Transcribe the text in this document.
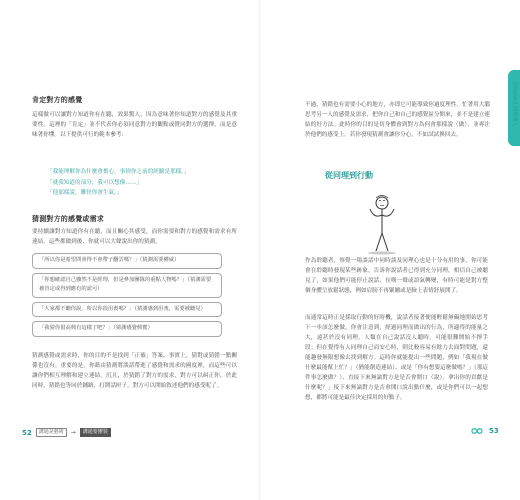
肯定對方的感覺
這樣做可以讓對方知道你有在聽，效果驚人，因為意味著你知道對方的感覺及其重要性。這裡的「肯定」並不代表你必須同意對方的觀點或贊同對方的選擇，而是意味著你懂。以下提供可行的範本參考：
「我能理解你為什麼會擔心，事情你之前的經驗是那樣。」
「就我知道的部分，我可以想像……」
「他那樣說，難怪你會生氣。」
猜測對方的感覺或需求
要持續讓對方知道你有在聽，而且關心其感受，而你需要和對方的感覺和需求有所連結。這些都做到後，你就可以大聲說出你的猜測。
「所以你是希望問會得不會帶子翻雲嗎？」（猜測需要權威）
「你想確認自己雖然不是經理，但是參加團隊的重點人物嗎？」（猜測需要被肯定或得到應有的認可）
「大家都不聽你說，所以你很沮喪嗎？」（猜測感到沮喪，需要被聽見）
「我猜你很高興有這樣了吧？」（猜測感覺興奮）
猜測感覺或需求時，你的目的不是找到「正確」答案。事實上，猜對或猜錯一點關係也沒有。重要的是，你藉由猜測將談話帶進了感覺和需求的國度裡，而這些可以讓你們相互理解和建立連結。沉且，於猜錯了對方的需求，對方可以糾正你，於此同時，猜錯也等同於鋪路，打開話匣子，對方可以開始敘述他們的感受呢了。
52	溝通是藝術	→	溝通要懂裝
不過，猜錯也有需要小心的地方，亦即它可能導致你過度理性，忙著用大腦思考另一人的感覺及需求，把你自己和自己的感覺區分開來，並不是建立連結的好方法。此時你的目的是切身體會到對方為何會那樣說（做），並專注於他們的感受上。若你發現猜測會讓你分心，不如試試換回去。
從同理到行動
作為聆聽者，察覺一場談話中同時談及同理心也是十分有用的事，你可能會在聆聽時發現某些跡象，告訴你說話者已得到充分同理，相信自己被聽見了，如果他們可能停止說話、長嘆一聲或語氣轉變，有時可能是對方整個身體呈放鬆狀態，例如肩膀不再緊繃或是臉上表情舒展開了。
而通常這時正是採取行動的好時機，說話者接著便能輕鬆無礙地開始思考下一步該怎麼做。你會注意到，經過同理而做出的行為，所適得的能量之大，遠甚於沒有同理。人類在自己說話沒人聽時，可能很難開始不擇手段；但在覺得有人同理自己而安心時，則比較容易有餘力去面對問題，還能趣發無限想像去找到解方。這時你就能提出一些問題，例如「我現在做什麼最能幫上忙？」（猶能創造連結）、或是「你有想要這麼做嗎？」（那這件事怎麼做？）、直接下來無論對方是是否會開口（說）。拿出你的貢獻是什麼呢？」接下來無論對方是否會開口說出點什麼，或是你們可以一起想想，都將可能是最佳決定採用的好點子。
Chapter3 同理他人
53
